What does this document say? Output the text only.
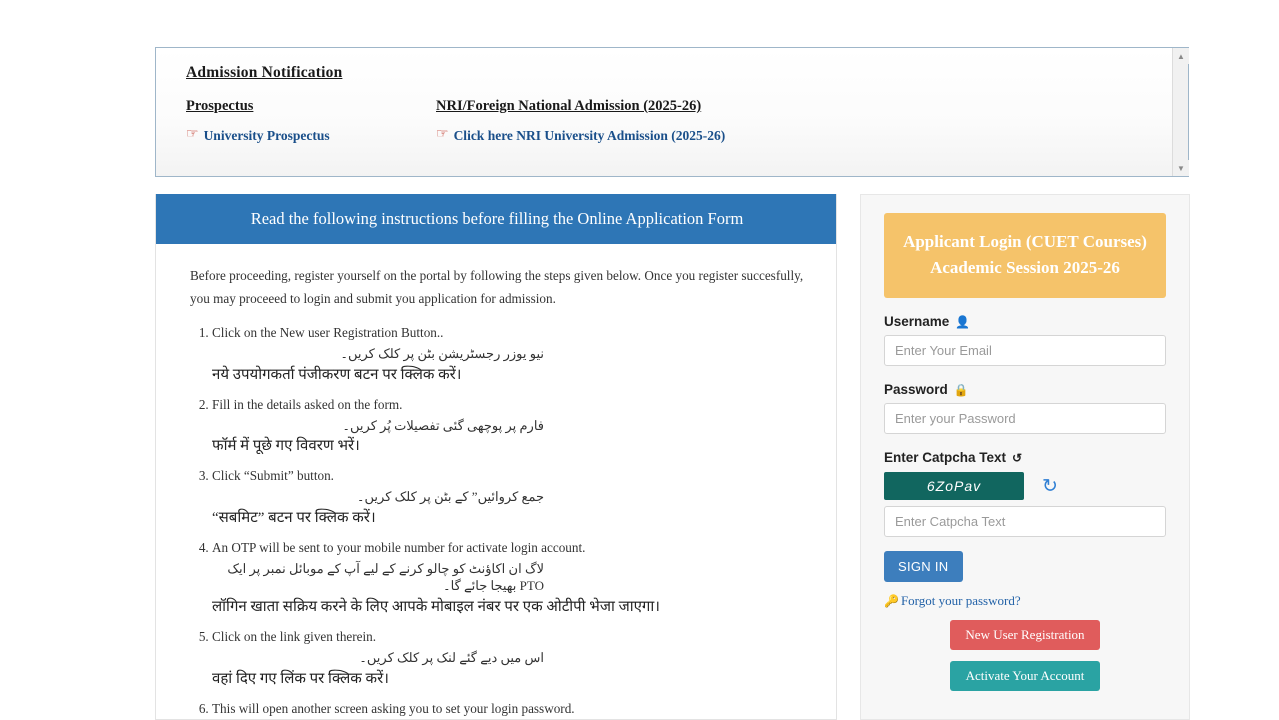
Admission Notification
Prospectus
☞ University Prospectus
NRI/Foreign National Admission (2025-26)
☞ Click here NRI University Admission (2025-26)
▲
▼
Read the following instructions before filling the Online Application Form

Before proceeding, register yourself on the portal by following the steps given below. Once you register succesfully, you may proceeed to login and submit you application for admission.

1. Click on the New user Registration Button..
نیو یوزر رجسٹریشن بٹن پر کلک کریں۔
नये उपयोगकर्ता पंजीकरण बटन पर क्लिक करें।
2. Fill in the details asked on the form.
فارم پر پوچھی گئی تفصیلات پُر کریں۔
फॉर्म में पूछे गए विवरण भरें।
3. Click “Submit” button.
جمع کروائیں” کے بٹن پر کلک کریں۔
“सबमिट” बटन पर क्लिक करें।
4. An OTP will be sent to your mobile number for activate login account.
لاگ ان اکاؤنٹ کو چالو کرنے کے لیے آپ کے موبائل نمبر پر ایک OTP بھیجا جائے گا۔
लॉगिन खाता सक्रिय करने के लिए आपके मोबाइल नंबर पर एक ओटीपी भेजा जाएगा।
5. Click on the link given therein.
اس میں دیے گئے لنک پر کلک کریں۔
वहां दिए गए लिंक पर क्लिक करें।
6. This will open another screen asking you to set your login password.
Applicant Login (CUET Courses)
Academic Session 2025-26
Username 👤
Enter Your Email
Password 🔒
Enter Catpcha Text ↺
6ZoPav	↻
Enter Catpcha Text SIGN IN
🔑 Forgot your password?
New User Registration
Activate Your Account
